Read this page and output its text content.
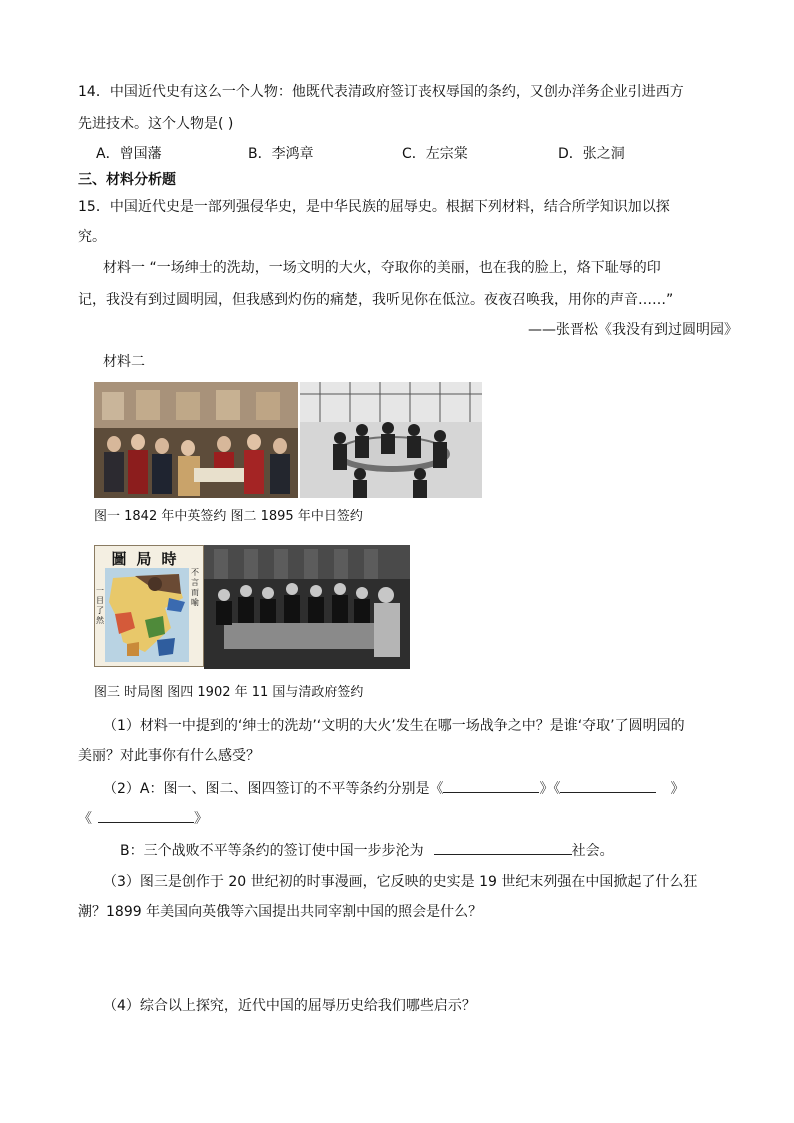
14．中国近代史有这么一个人物：他既代表清政府签订丧权辱国的条约，又创办洋务企业引进西方
先进技术。这个人物是( )
A．曾国藩	B．李鸿章	C．左宗棠	D．张之洞
三、材料分析题
15．中国近代史是一部列强侵华史，是中华民族的屈辱史。根据下列材料，结合所学知识加以探
究。
材料一 “一场绅士的洗劫，一场文明的大火，夺取你的美丽，也在我的脸上，烙下耻辱的印
记，我没有到过圆明园，但我感到灼伤的痛楚，我听见你在低泣。夜夜召唤我，用你的声音……”
——张晋松《我没有到过圆明园》
材料二
图一 1842 年中英签约 图二 1895 年中日签约
圖局時
不言而喻
一目了然
图三 时局图 图四 1902 年 11 国与清政府签约
（1）材料一中提到的‘绅士的洗劫’‘文明的大火’发生在哪一场战争之中？是谁‘夺取’了圆明园的
美丽？对此事你有什么感受？
（2）A：图一、图二、图四签订的不平等条约分别是《	》《	》
《	》
B：三个战败不平等条约的签订使中国一步步沦为	社会。
（3）图三是创作于 20 世纪初的时事漫画，它反映的史实是 19 世纪末列强在中国掀起了什么狂
潮？1899 年美国向英俄等六国提出共同宰割中国的照会是什么？
（4）综合以上探究，近代中国的屈辱历史给我们哪些启示？
